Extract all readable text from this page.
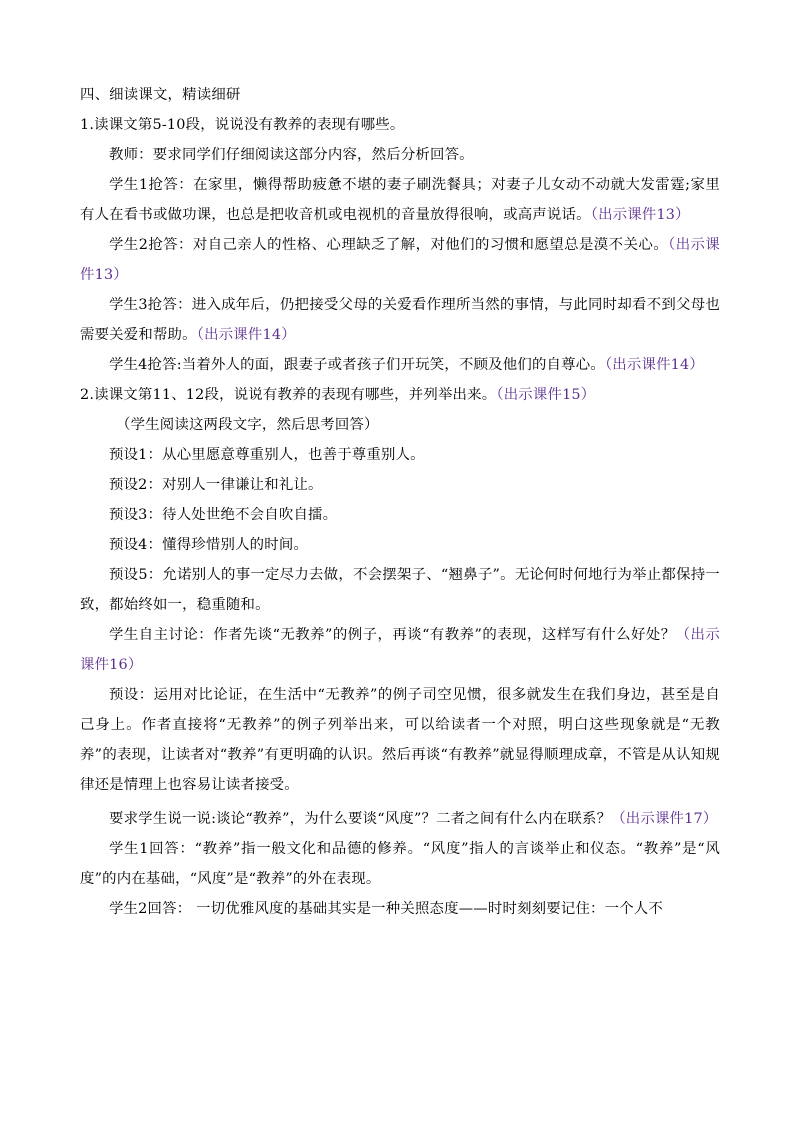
四、细读课文，精读细研

1.读课文第5-10段，说说没有教养的表现有哪些。

教师：要求同学们仔细阅读这部分内容，然后分析回答。

学生1抢答：在家里，懒得帮助疲惫不堪的妻子刷洗餐具；对妻子儿女动不动就大发雷霆;家里有人在看书或做功课，也总是把收音机或电视机的音量放得很响，或高声说话。（出示课件13）

学生2抢答：对自己亲人的性格、心理缺乏了解，对他们的习惯和愿望总是漠不关心。（出示课件13）

学生3抢答：进入成年后，仍把接受父母的关爱看作理所当然的事情，与此同时却看不到父母也需要关爱和帮助。（出示课件14）

学生4抢答:当着外人的面，跟妻子或者孩子们开玩笑，不顾及他们的自尊心。（出示课件14）

2.读课文第11、12段，说说有教养的表现有哪些，并列举出来。（出示课件15）

（学生阅读这两段文字，然后思考回答）

预设1：从心里愿意尊重别人，也善于尊重别人。

预设2：对别人一律谦让和礼让。

预设3：待人处世绝不会自吹自擂。

预设4：懂得珍惜别人的时间。

预设5：允诺别人的事一定尽力去做，不会摆架子、“翘鼻子”。无论何时何地行为举止都保持一致，都始终如一，稳重随和。

学生自主讨论：作者先谈“无教养”的例子，再谈“有教养”的表现，这样写有什么好处？（出示课件16）

预设：运用对比论证，在生活中“无教养”的例子司空见惯，很多就发生在我们身边，甚至是自己身上。作者直接将“无教养”的例子列举出来，可以给读者一个对照，明白这些现象就是“无教养”的表现，让读者对“教养”有更明确的认识。然后再谈“有教养”就显得顺理成章，不管是从认知规律还是情理上也容易让读者接受。

要求学生说一说:谈论“教养”，为什么要谈“风度”？二者之间有什么内在联系？（出示课件17）

学生1回答：“教养”指一般文化和品德的修养。“风度”指人的言谈举止和仪态。“教养”是“风度”的内在基础，“风度”是“教养”的外在表现。

学生2回答： 一切优雅风度的基础其实是一种关照态度——时时刻刻要记住：一个人不
